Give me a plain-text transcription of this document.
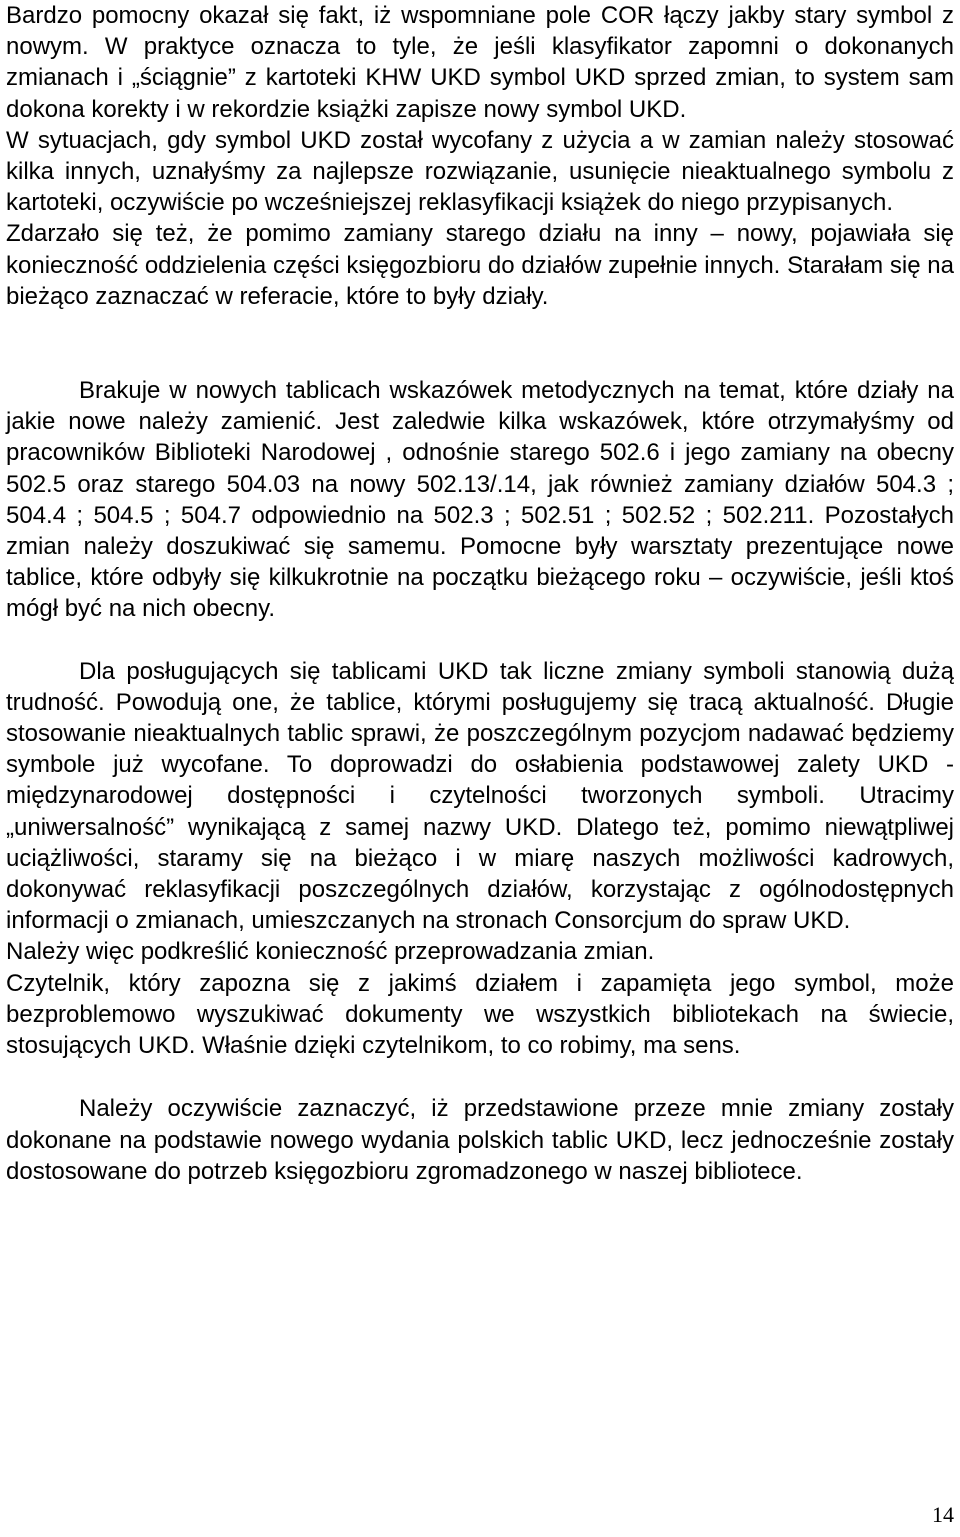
Bardzo pomocny okazał się fakt, iż wspomniane pole COR łączy jakby stary symbol z nowym. W praktyce oznacza to tyle, że jeśli klasyfikator zapomni o dokonanych zmianach i „ściągnie” z kartoteki KHW UKD symbol UKD sprzed zmian, to system sam dokona korekty i w rekordzie książki zapisze nowy symbol UKD.

W sytuacjach, gdy symbol UKD został wycofany z użycia a w zamian należy stosować kilka innych, uznałyśmy za najlepsze rozwiązanie, usunięcie nieaktualnego symbolu z kartoteki, oczywiście po wcześniejszej reklasyfikacji książek do niego przypisanych.

Zdarzało się też, że pomimo zamiany starego działu na inny – nowy, pojawiała się konieczność oddzielenia części księgozbioru do działów zupełnie innych. Starałam się na bieżąco zaznaczać w referacie, które to były działy.

Brakuje w nowych tablicach wskazówek metodycznych na temat, które działy na jakie nowe należy zamienić. Jest zaledwie kilka wskazówek, które otrzymałyśmy od pracowników Biblioteki Narodowej , odnośnie starego 502.6 i jego zamiany na obecny 502.5 oraz starego 504.03 na nowy 502.13/.14, jak również zamiany działów 504.3 ; 504.4 ; 504.5 ; 504.7 odpowiednio na 502.3 ; 502.51 ; 502.52 ; 502.211. Pozostałych zmian należy doszukiwać się samemu. Pomocne były warsztaty prezentujące nowe tablice, które odbyły się kilkukrotnie na początku bieżącego roku – oczywiście, jeśli ktoś mógł być na nich obecny.

Dla posługujących się tablicami UKD tak liczne zmiany symboli stanowią dużą trudność. Powodują one, że tablice, którymi posługujemy się tracą aktualność. Długie stosowanie nieaktualnych tablic sprawi, że poszczególnym pozycjom nadawać będziemy symbole już wycofane. To doprowadzi do osłabienia podstawowej zalety UKD - międzynarodowej dostępności i czytelności tworzonych symboli. Utracimy „uniwersalność” wynikającą z samej nazwy UKD. Dlatego też, pomimo niewątpliwej uciążliwości, staramy się na bieżąco i w miarę naszych możliwości kadrowych, dokonywać reklasyfikacji poszczególnych działów, korzystając z ogólnodostępnych informacji o zmianach, umieszczanych na stronach Consorcjum do spraw UKD.

Należy więc podkreślić konieczność przeprowadzania zmian.

Czytelnik, który zapozna się z jakimś działem i zapamięta jego symbol, może bezproblemowo wyszukiwać dokumenty we wszystkich bibliotekach na świecie, stosujących UKD. Właśnie dzięki czytelnikom, to co robimy, ma sens.

Należy oczywiście zaznaczyć, iż przedstawione przeze mnie zmiany zostały dokonane na podstawie nowego wydania polskich tablic UKD, lecz jednocześnie zostały dostosowane do potrzeb księgozbioru zgromadzonego w naszej bibliotece.

14
